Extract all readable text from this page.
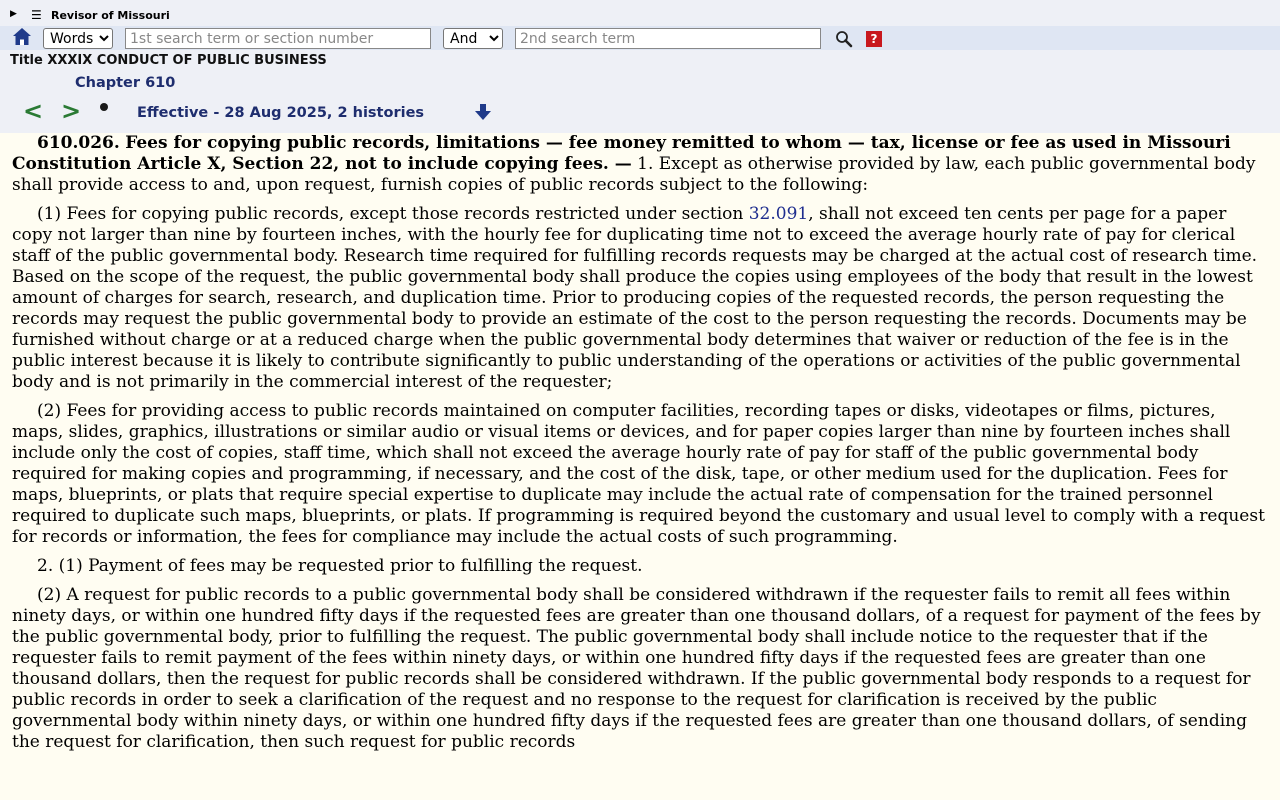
▶ ☰ Revisor of Missouri
Words
1st search term or section number
And
2nd search term
?
Title XXXIX CONDUCT OF PUBLIC BUSINESS
Chapter 610
< >	Effective - 28 Aug 2025, 2 histories

610.026. Fees for copying public records, limitations — fee money remitted to whom — tax, license or fee as used in Missouri Constitution Article X, Section 22, not to include copying fees. — 1. Except as otherwise provided by law, each public governmental body shall provide access to and, upon request, furnish copies of public records subject to the following:

(1) Fees for copying public records, except those records restricted under section 32.091, shall not exceed ten cents per page for a paper copy not larger than nine by fourteen inches, with the hourly fee for duplicating time not to exceed the average hourly rate of pay for clerical staff of the public governmental body. Research time required for fulfilling records requests may be charged at the actual cost of research time. Based on the scope of the request, the public governmental body shall produce the copies using employees of the body that result in the lowest amount of charges for search, research, and duplication time. Prior to producing copies of the requested records, the person requesting the records may request the public governmental body to provide an estimate of the cost to the person requesting the records. Documents may be furnished without charge or at a reduced charge when the public governmental body determines that waiver or reduction of the fee is in the public interest because it is likely to contribute significantly to public understanding of the operations or activities of the public governmental body and is not primarily in the commercial interest of the requester;

(2) Fees for providing access to public records maintained on computer facilities, recording tapes or disks, videotapes or films, pictures, maps, slides, graphics, illustrations or similar audio or visual items or devices, and for paper copies larger than nine by fourteen inches shall include only the cost of copies, staff time, which shall not exceed the average hourly rate of pay for staff of the public governmental body required for making copies and programming, if necessary, and the cost of the disk, tape, or other medium used for the duplication. Fees for maps, blueprints, or plats that require special expertise to duplicate may include the actual rate of compensation for the trained personnel required to duplicate such maps, blueprints, or plats. If programming is required beyond the customary and usual level to comply with a request for records or information, the fees for compliance may include the actual costs of such programming.

2. (1) Payment of fees may be requested prior to fulfilling the request.

(2) A request for public records to a public governmental body shall be considered withdrawn if the requester fails to remit all fees within ninety days, or within one hundred fifty days if the requested fees are greater than one thousand dollars, of a request for payment of the fees by the public governmental body, prior to fulfilling the request. The public governmental body shall include notice to the requester that if the requester fails to remit payment of the fees within ninety days, or within one hundred fifty days if the requested fees are greater than one thousand dollars, then the request for public records shall be considered withdrawn. If the public governmental body responds to a request for public records in order to seek a clarification of the request and no response to the request for clarification is received by the public governmental body within ninety days, or within one hundred fifty days if the requested fees are greater than one thousand dollars, of sending the request for clarification, then such request for public records
